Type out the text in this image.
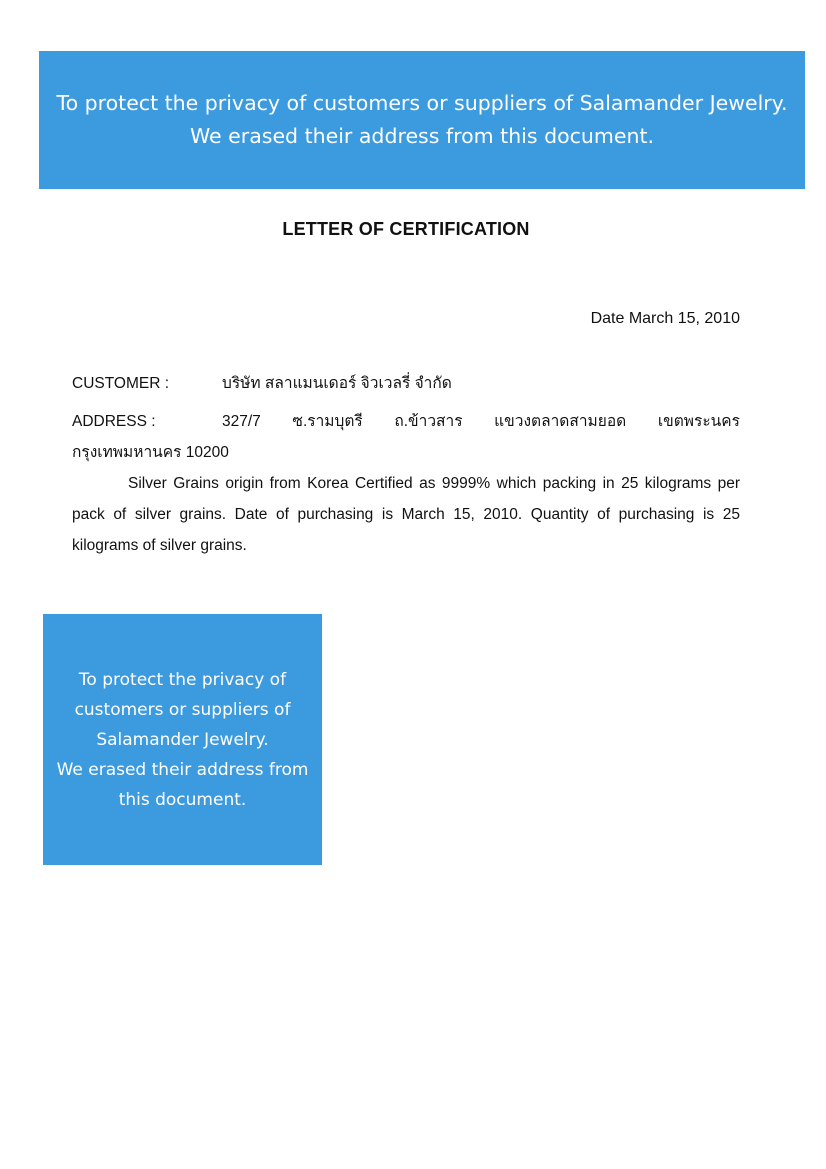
To protect the privacy of customers or suppliers of Salamander Jewelry.
We erased their address from this document.
LETTER OF CERTIFICATION
Date March 15, 2010
CUSTOMER :	บริษัท สลาแมนเดอร์ จิวเวลรี่ จำกัด
ADDRESS :	327/7 ซ.รามบุตรี ถ.ข้าวสาร แขวงตลาดสามยอด เขตพระนคร
กรุงเทพมหานคร 10200
Silver Grains origin from Korea Certified as 9999% which packing in 25 kilograms per pack of silver grains. Date of purchasing is March 15, 2010. Quantity of purchasing is 25 kilograms of silver grains.
To protect the privacy of
customers or suppliers of
Salamander Jewelry.
We erased their address from
this document.
